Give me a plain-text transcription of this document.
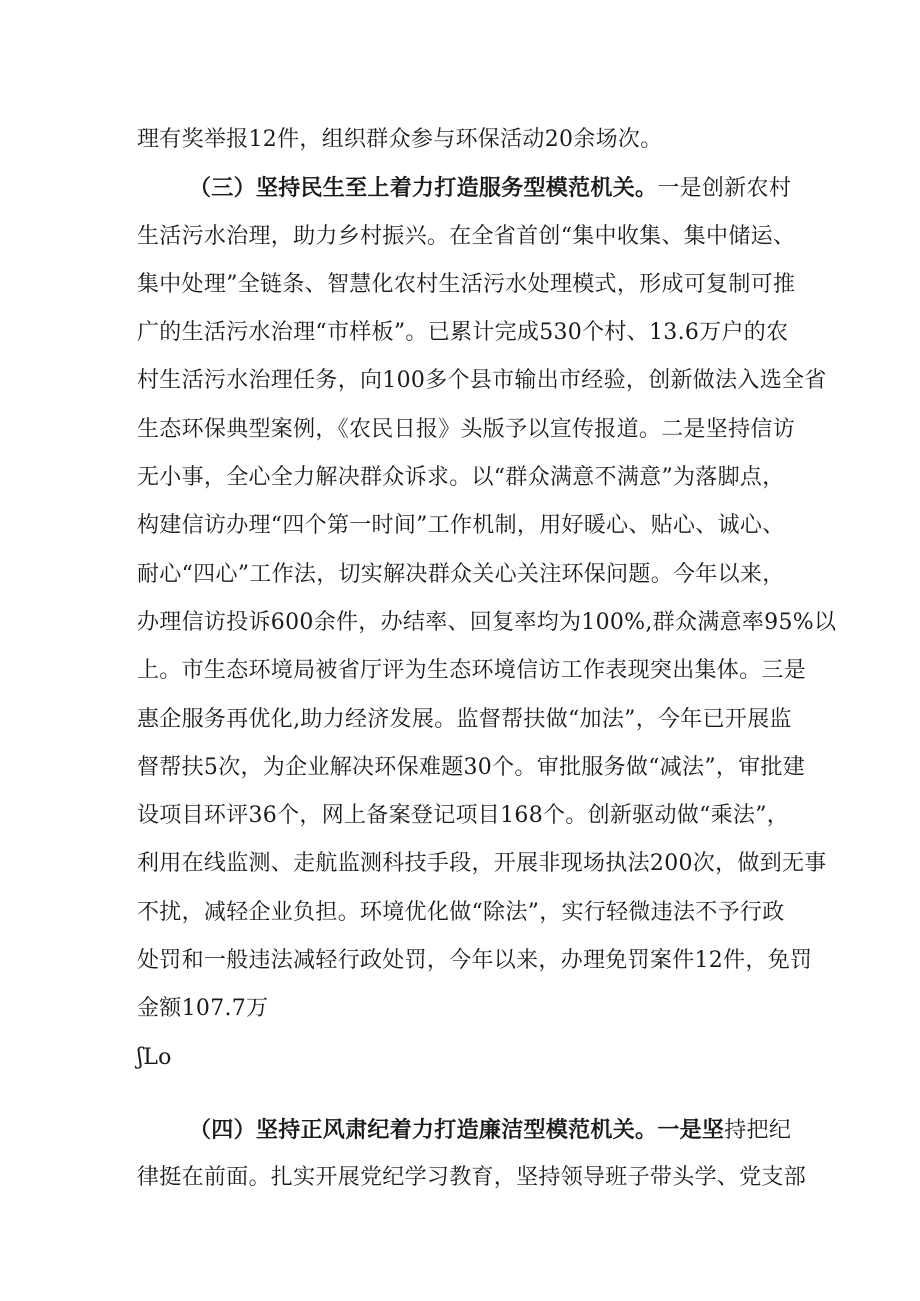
理有奖举报12件，组织群众参与环保活动20余场次。
（三）坚持民生至上着力打造服务型模范机关。一是创新农村
生活污水治理，助力乡村振兴。在全省首创“集中收集、集中储运、
集中处理”全链条、智慧化农村生活污水处理模式，形成可复制可推
广的生活污水治理“市样板”。已累计完成530个村、13.6万户的农
村生活污水治理任务，向100多个县市输出市经验，创新做法入选全省
生态环保典型案例，《农民日报》头版予以宣传报道。二是坚持信访
无小事，全心全力解决群众诉求。以“群众满意不满意”为落脚点，
构建信访办理“四个第一时间”工作机制，用好暖心、贴心、诚心、
耐心“四心”工作法，切实解决群众关心关注环保问题。今年以来，
办理信访投诉600余件，办结率、回复率均为100%,群众满意率95%以
上。市生态环境局被省厅评为生态环境信访工作表现突出集体。三是
惠企服务再优化,助力经济发展。监督帮扶做“加法”，今年已开展监
督帮扶5次，为企业解决环保难题30个。审批服务做“减法”，审批建
设项目环评36个，网上备案登记项目168个。创新驱动做“乘法”，
利用在线监测、走航监测科技手段，开展非现场执法200次，做到无事
不扰，减轻企业负担。环境优化做“除法”，实行轻微违法不予行政
处罚和一般违法减轻行政处罚，今年以来，办理免罚案件12件，免罚
金额107.7万
ʃLo
（四）坚持正风肃纪着力打造廉洁型模范机关。一是坚持把纪
律挺在前面。扎实开展党纪学习教育，坚持领导班子带头学、党支部
